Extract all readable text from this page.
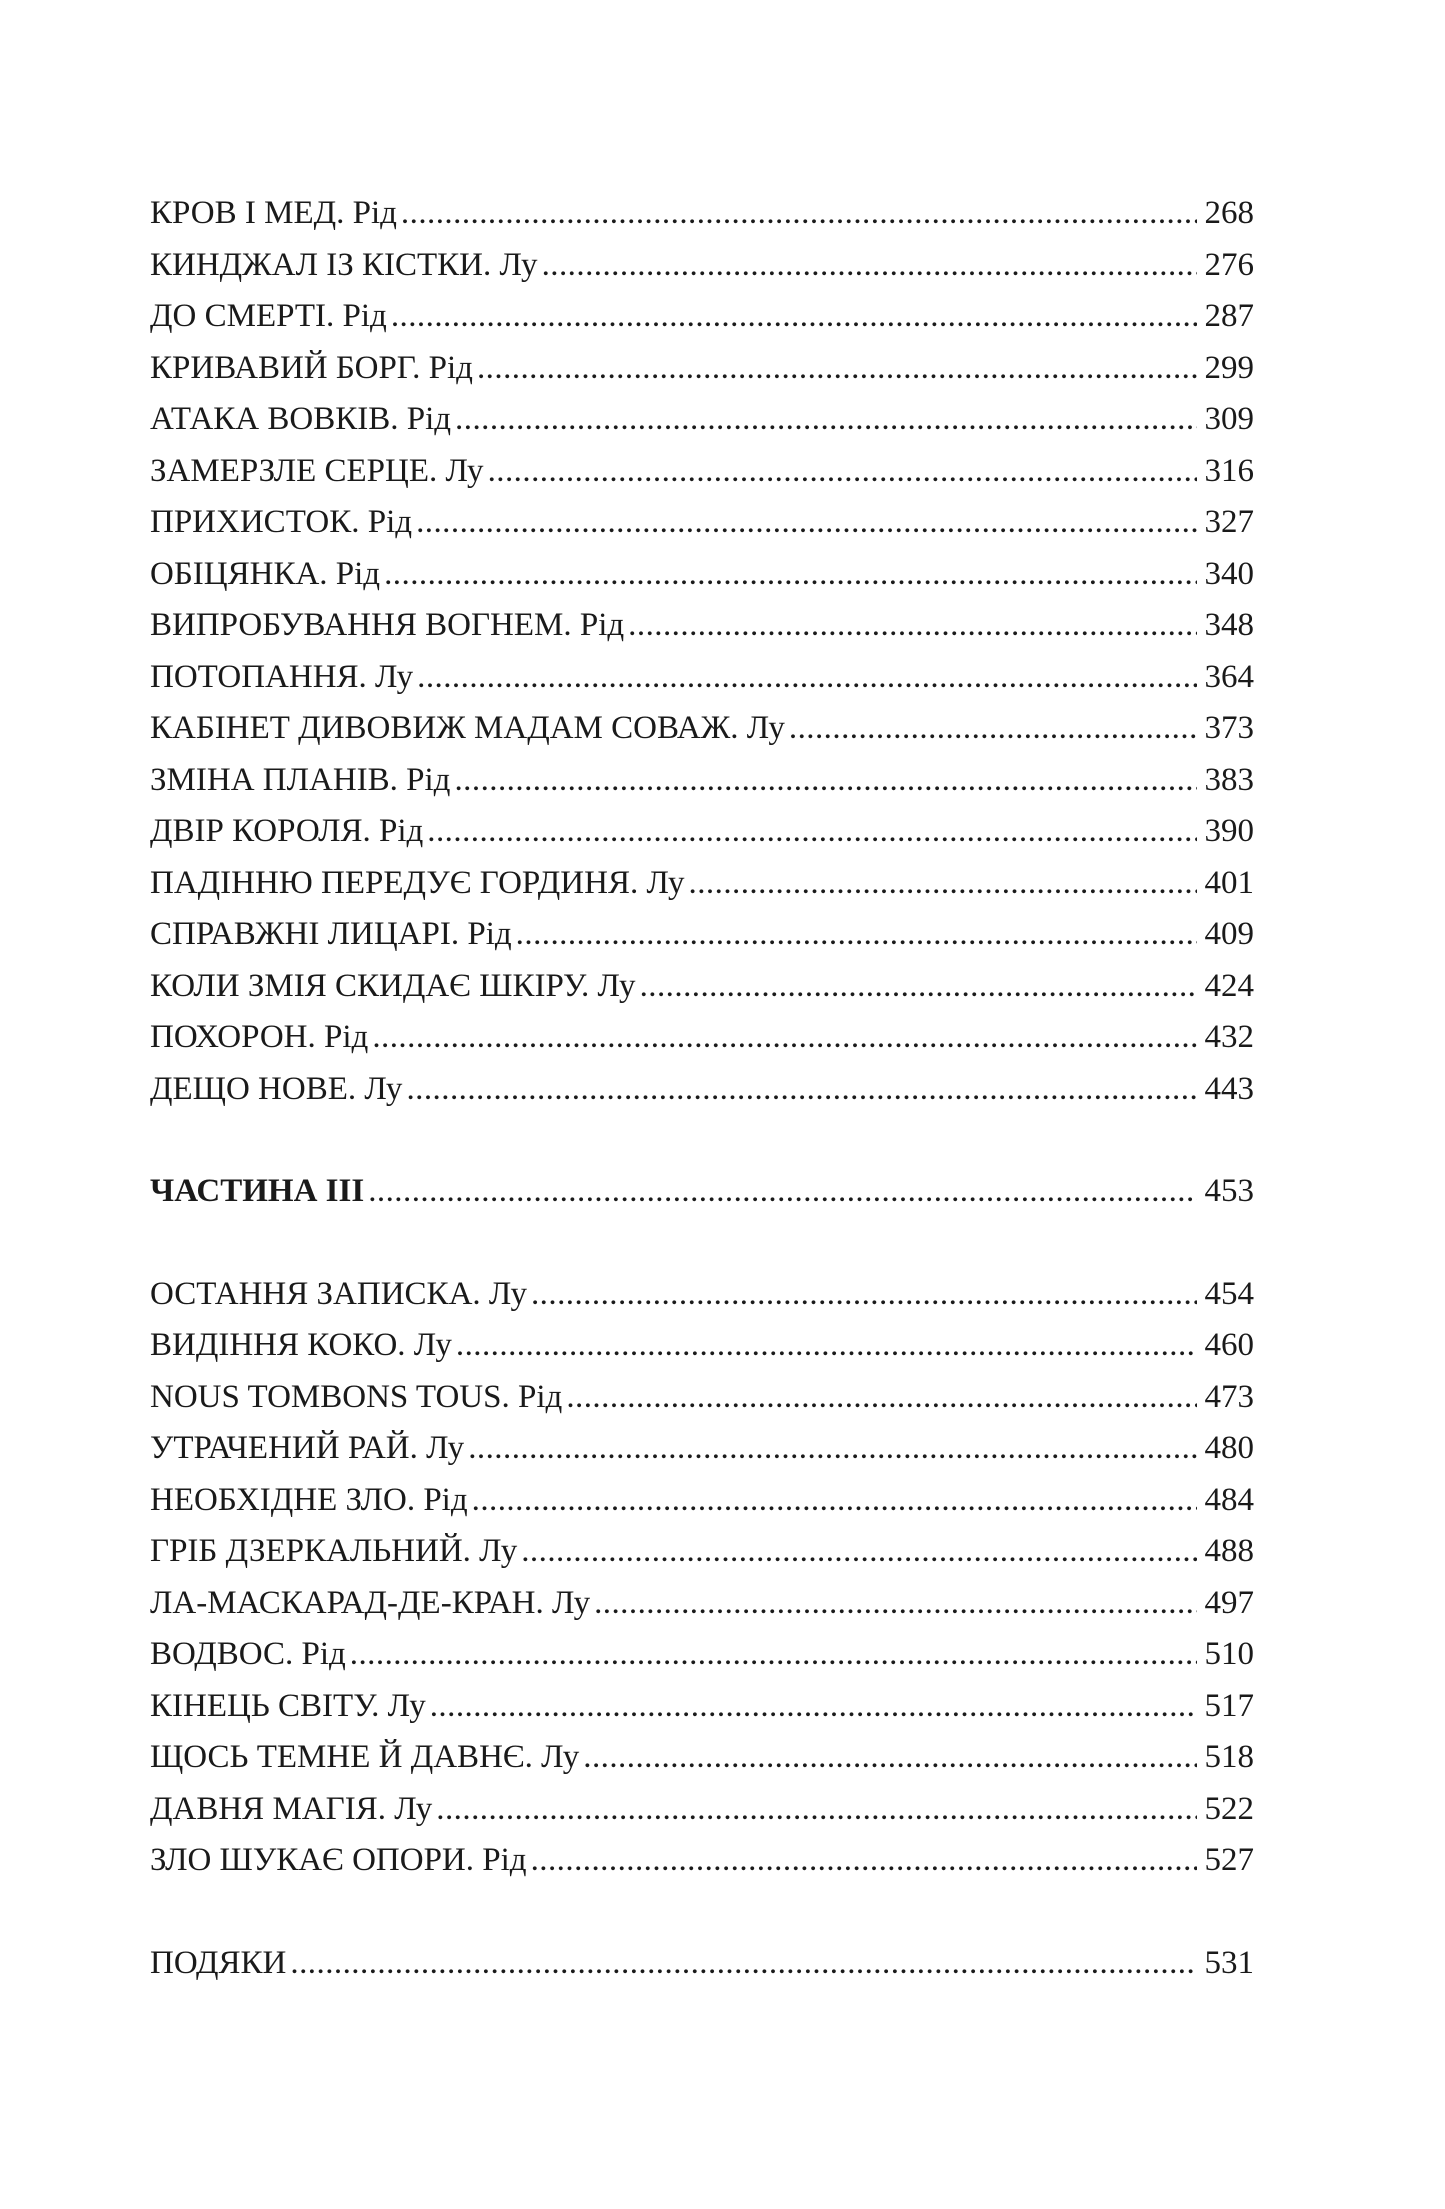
КРОВ І МЕД. Рід . . .	268
КИНДЖАЛ ІЗ КІСТКИ. Лу . . .	276
ДО СМЕРТІ. Рід . . .	287
КРИВАВИЙ БОРГ. Рід . . .	299
АТАКА ВОВКІВ. Рід . . .	309
ЗАМЕРЗЛЕ СЕРЦЕ. Лу . . .	316
ПРИХИСТОК. Рід . . .	327
ОБІЦЯНКА. Рід . . .	340
ВИПРОБУВАННЯ ВОГНЕМ. Рід . . .	348
ПОТОПАННЯ. Лу . . .	364
КАБІНЕТ ДИВОВИЖ МАДАМ СОВАЖ. Лу . . .	373
ЗМІНА ПЛАНІВ. Рід . . .	383
ДВІР КОРОЛЯ. Рід . . .	390
ПАДІННЮ ПЕРЕДУЄ ГОРДИНЯ. Лу . . .	401
СПРАВЖНІ ЛИЦАРІ. Рід . . .	409
КОЛИ ЗМІЯ СКИДАЄ ШКІРУ. Лу . . .	424
ПОХОРОН. Рід . . .	432
ДЕЩО НОВЕ. Лу . . .	443
ЧАСТИНА ІІІ . . .	453
ОСТАННЯ ЗАПИСКА. Лу . . .	454
ВИДІННЯ КОКО. Лу . . .	460
NOUS TOMBONS TOUS. Рід . . .	473
УТРАЧЕНИЙ РАЙ. Лу . . .	480
НЕОБХІДНЕ ЗЛО. Рід . . .	484
ГРІБ ДЗЕРКАЛЬНИЙ. Лу . . .	488
ЛА-МАСКАРАД-ДЕ-КРАН. Лу . . .	497
ВОДВОС. Рід . . .	510
КІНЕЦЬ СВІТУ. Лу . . .	517
ЩОСЬ ТЕМНЕ Й ДАВНЄ. Лу . . .	518
ДАВНЯ МАГІЯ. Лу . . .	522
ЗЛО ШУКАЄ ОПОРИ. Рід . . .	527
ПОДЯКИ . . .	531
